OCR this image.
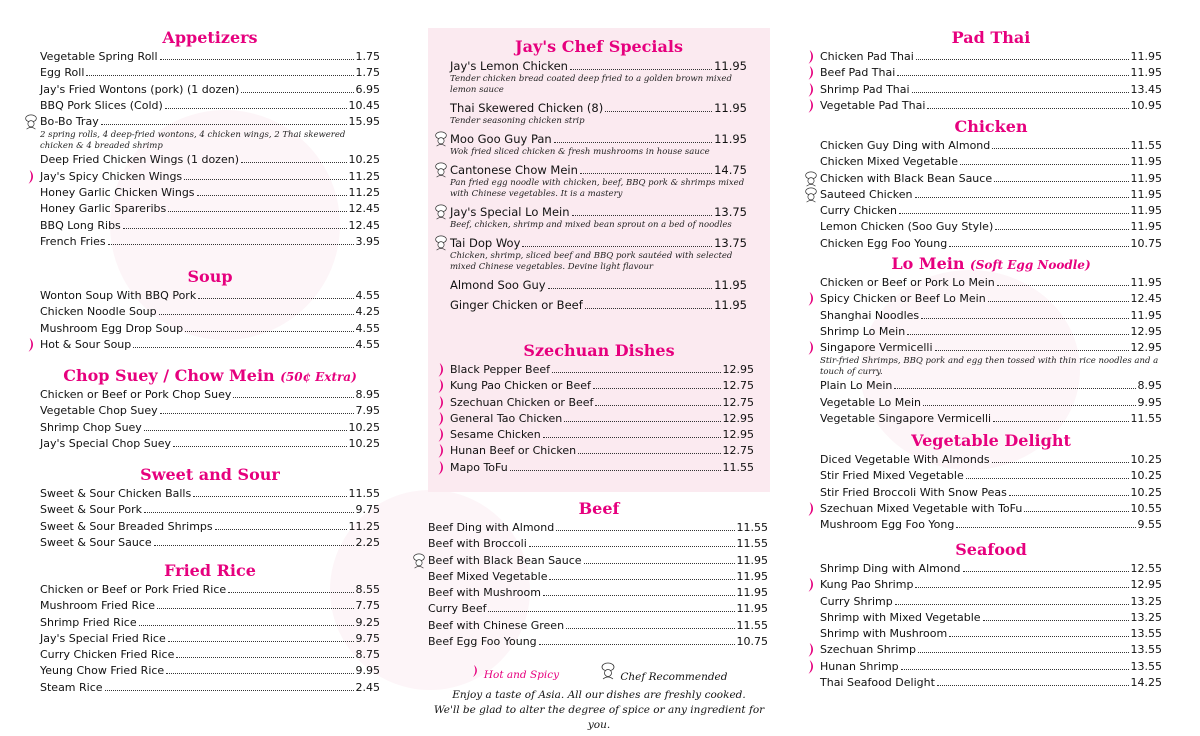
Appetizers
Vegetable Spring Roll	1.75
Egg Roll	1.75
Jay's Fried Wontons (pork) (1 dozen)	6.95
BBQ Pork Slices (Cold)	10.45
Bo-Bo Tray	15.95
2 spring rolls, 4 deep-fried wontons, 4 chicken wings, 2 Thai skewered chicken & 4 breaded shrimp
Deep Fried Chicken Wings (1 dozen)	10.25
Jay's Spicy Chicken Wings	11.25
Honey Garlic Chicken Wings	11.25
Honey Garlic Spareribs	12.45
BBQ Long Ribs	12.45
French Fries	3.95
Soup
Wonton Soup With BBQ Pork	4.55
Chicken Noodle Soup	4.25
Mushroom Egg Drop Soup	4.55
Hot & Sour Soup	4.55
Chop Suey / Chow Mein (50¢ Extra)
Chicken or Beef or Pork Chop Suey	8.95
Vegetable Chop Suey	7.95
Shrimp Chop Suey	10.25
Jay's Special Chop Suey	10.25
Sweet and Sour
Sweet & Sour Chicken Balls	11.55
Sweet & Sour Pork	9.75
Sweet & Sour Breaded Shrimps	11.25
Sweet & Sour Sauce	2.25
Fried Rice
Chicken or Beef or Pork Fried Rice	8.55
Mushroom Fried Rice	7.75
Shrimp Fried Rice	9.25
Jay's Special Fried Rice	9.75
Curry Chicken Fried Rice	8.75
Yeung Chow Fried Rice	9.95
Steam Rice	2.45
Jay's Chef Specials
Jay's Lemon Chicken	11.95
Tender chicken bread coated deep fried to a golden brown mixed lemon sauce
Thai Skewered Chicken (8)	11.95
Tender seasoning chicken strip
Moo Goo Guy Pan	11.95
Wok fried sliced chicken & fresh mushrooms in house sauce
Cantonese Chow Mein	14.75
Pan fried egg noodle with chicken, beef, BBQ pork & shrimps mixed with Chinese vegetables. It is a mastery
Jay's Special Lo Mein	13.75
Beef, chicken, shrimp and mixed bean sprout on a bed of noodles
Tai Dop Woy	13.75
Chicken, shrimp, sliced beef and BBQ pork sautéed with selected mixed Chinese vegetables. Devine light flavour
Almond Soo Guy	11.95
Ginger Chicken or Beef	11.95
Szechuan Dishes
Black Pepper Beef	12.95
Kung Pao Chicken or Beef	12.75
Szechuan Chicken or Beef	12.75
General Tao Chicken	12.95
Sesame Chicken	12.95
Hunan Beef or Chicken	12.75
Mapo ToFu	11.55
Beef
Beef Ding with Almond	11.55
Beef with Broccoli	11.55
Beef with Black Bean Sauce	11.95
Beef Mixed Vegetable	11.95
Beef with Mushroom	11.95
Curry Beef	11.95
Beef with Chinese Green	11.55
Beef Egg Foo Young	10.75
Hot and Spicy	Chef Recommended
Enjoy a taste of Asia. All our dishes are freshly cooked.
We'll be glad to alter the degree of spice or any ingredient for you.
Pad Thai
Chicken Pad Thai	11.95
Beef Pad Thai	11.95
Shrimp Pad Thai	13.45
Vegetable Pad Thai	10.95
Chicken
Chicken Guy Ding with Almond	11.55
Chicken Mixed Vegetable	11.95
Chicken with Black Bean Sauce	11.95
Sauteed Chicken	11.95
Curry Chicken	11.95
Lemon Chicken (Soo Guy Style)	11.95
Chicken Egg Foo Young	10.75
Lo Mein (Soft Egg Noodle)
Chicken or Beef or Pork Lo Mein	11.95
Spicy Chicken or Beef Lo Mein	12.45
Shanghai Noodles	11.95
Shrimp Lo Mein	12.95
Singapore Vermicelli	12.95
Stir-fried Shrimps, BBQ pork and egg then tossed with thin rice noodles and a touch of curry.
Plain Lo Mein	8.95
Vegetable Lo Mein	9.95
Vegetable Singapore Vermicelli	11.55
Vegetable Delight
Diced Vegetable With Almonds	10.25
Stir Fried Mixed Vegetable	10.25
Stir Fried Broccoli With Snow Peas	10.25
Szechuan Mixed Vegetable with ToFu	10.55
Mushroom Egg Foo Yong	9.55
Seafood
Shrimp Ding with Almond	12.55
Kung Pao Shrimp	12.95
Curry Shrimp	13.25
Shrimp with Mixed Vegetable	13.25
Shrimp with Mushroom	13.55
Szechuan Shrimp	13.55
Hunan Shrimp	13.55
Thai Seafood Delight	14.25
